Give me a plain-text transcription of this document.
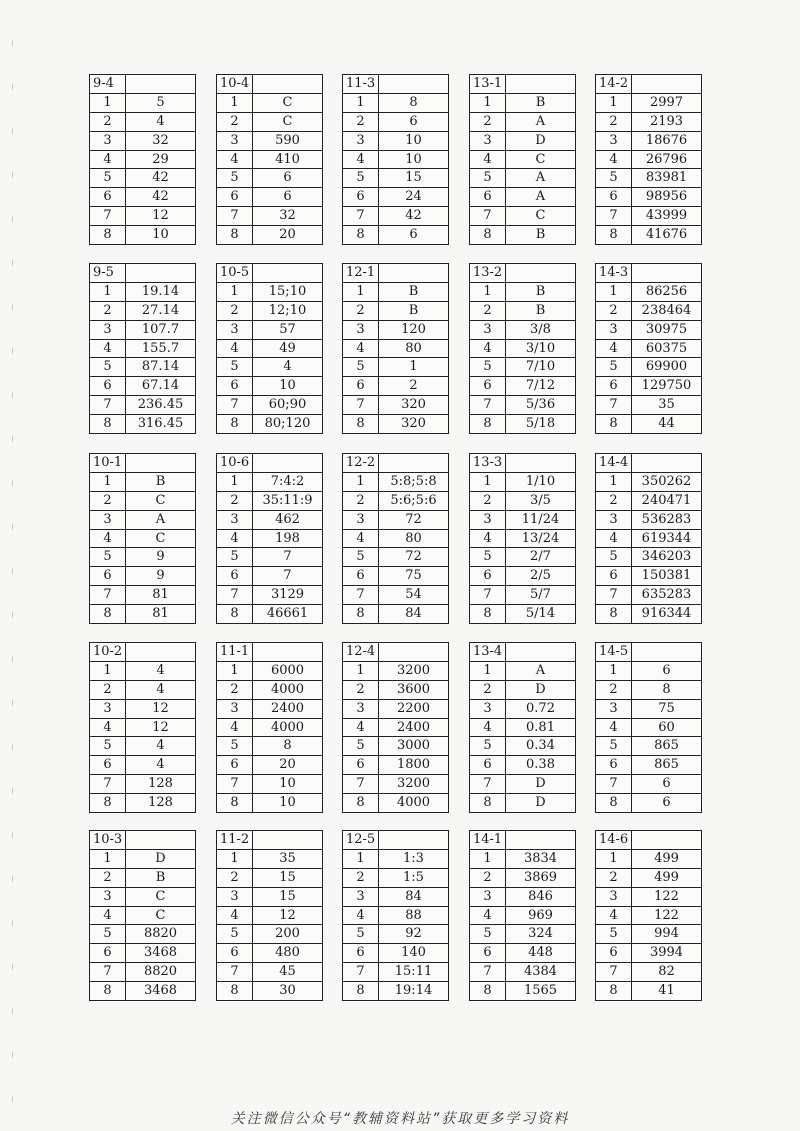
9-4	
1	5
2	4
3	32
4	29
5	42
6	42
7	12
8	10
10-4	
1	C
2	C
3	590
4	410
5	6
6	6
7	32
8	20
11-3	
1	8
2	6
3	10
4	10
5	15
6	24
7	42
8	6
13-1	
1	B
2	A
3	D
4	C
5	A
6	A
7	C
8	B
14-2	
1	2997
2	2193
3	18676
4	26796
5	83981
6	98956
7	43999
8	41676
9-5	
1	19.14
2	27.14
3	107.7
4	155.7
5	87.14
6	67.14
7	236.45
8	316.45
10-5	
1	15;10
2	12;10
3	57
4	49
5	4
6	10
7	60;90
8	80;120
12-1	
1	B
2	B
3	120
4	80
5	1
6	2
7	320
8	320
13-2	
1	B
2	B
3	3/8
4	3/10
5	7/10
6	7/12
7	5/36
8	5/18
14-3	
1	86256
2	238464
3	30975
4	60375
5	69900
6	129750
7	35
8	44
10-1	
1	B
2	C
3	A
4	C
5	9
6	9
7	81
8	81
10-6	
1	7:4:2
2	35:11:9
3	462
4	198
5	7
6	7
7	3129
8	46661
12-2	
1	5:8;5:8
2	5:6;5:6
3	72
4	80
5	72
6	75
7	54
8	84
13-3	
1	1/10
2	3/5
3	11/24
4	13/24
5	2/7
6	2/5
7	5/7
8	5/14
14-4	
1	350262
2	240471
3	536283
4	619344
5	346203
6	150381
7	635283
8	916344
10-2	
1	4
2	4
3	12
4	12
5	4
6	4
7	128
8	128
11-1	
1	6000
2	4000
3	2400
4	4000
5	8
6	20
7	10
8	10
12-4	
1	3200
2	3600
3	2200
4	2400
5	3000
6	1800
7	3200
8	4000
13-4	
1	A
2	D
3	0.72
4	0.81
5	0.34
6	0.38
7	D
8	D
14-5	
1	6
2	8
3	75
4	60
5	865
6	865
7	6
8	6
10-3	
1	D
2	B
3	C
4	C
5	8820
6	3468
7	8820
8	3468
11-2	
1	35
2	15
3	15
4	12
5	200
6	480
7	45
8	30
12-5	
1	1:3
2	1:5
3	84
4	88
5	92
6	140
7	15:11
8	19:14
14-1	
1	3834
2	3869
3	846
4	969
5	324
6	448
7	4384
8	1565
14-6	
1	499
2	499
3	122
4	122
5	994
6	3994
7	82
8	41
关注微信公众号“教辅资料站”获取更多学习资料
